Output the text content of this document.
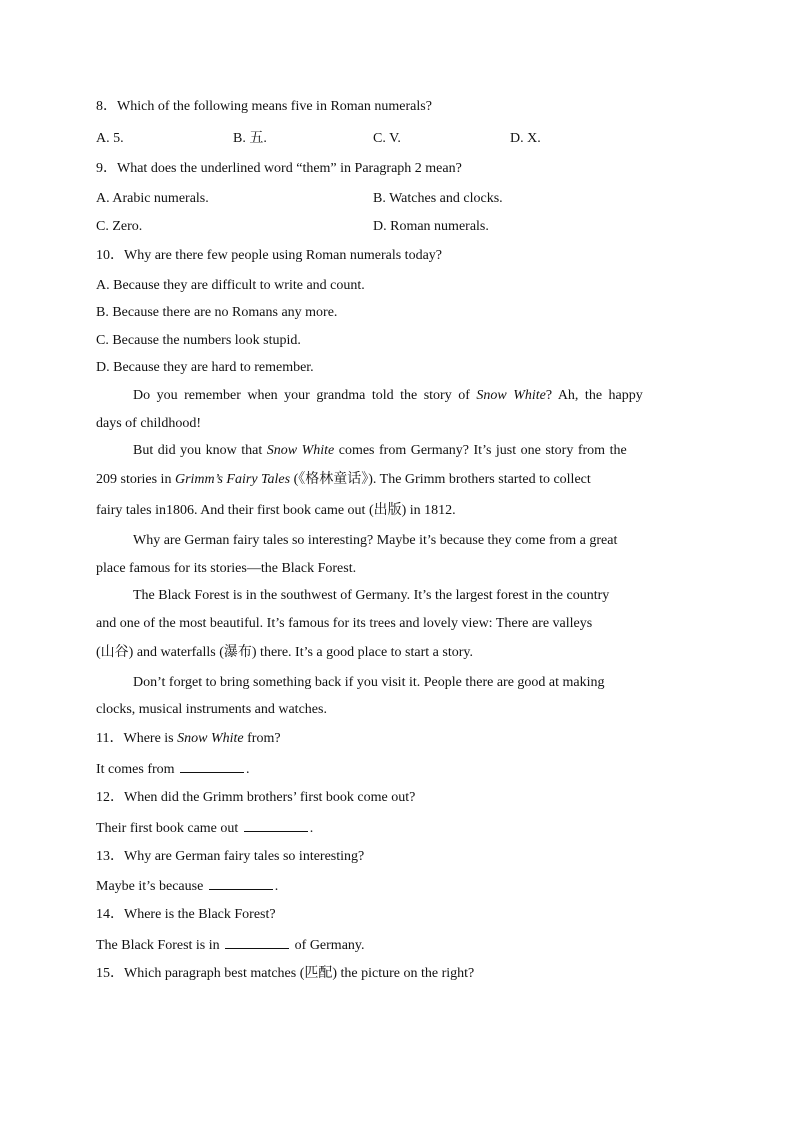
8．Which of the following means five in Roman numerals?
A. 5.	B. 五.	C. V.	D. X.
9．What does the underlined word “them” in Paragraph 2 mean?
A. Arabic numerals.	B. Watches and clocks.
C. Zero.	D. Roman numerals.
10．Why are there few people using Roman numerals today?
A. Because they are difficult to write and count.
B. Because there are no Romans any more.
C. Because the numbers look stupid.
D. Because they are hard to remember.
Do you remember when your grandma told the story of Snow White? Ah, the happy
days of childhood!
But did you know that Snow White comes from Germany? It’s just one story from the
209 stories in Grimm’s Fairy Tales (《格林童话》). The Grimm brothers started to collect
fairy tales in1806. And their first book came out (出版) in 1812.
Why are German fairy tales so interesting? Maybe it’s because they come from a great
place famous for its stories—the Black Forest.
The Black Forest is in the southwest of Germany. It’s the largest forest in the country
and one of the most beautiful. It’s famous for its trees and lovely view: There are valleys
(山谷) and waterfalls (瀑布) there. It’s a good place to start a story.
Don’t forget to bring something back if you visit it. People there are good at making
clocks, musical instruments and watches.
11．Where is Snow White from?
It comes from	.
12．When did the Grimm brothers’ first book come out?
Their first book came out	.
13．Why are German fairy tales so interesting?
Maybe it’s because	.
14．Where is the Black Forest?
The Black Forest is in	of Germany.
15．Which paragraph best matches (匹配) the picture on the right?
